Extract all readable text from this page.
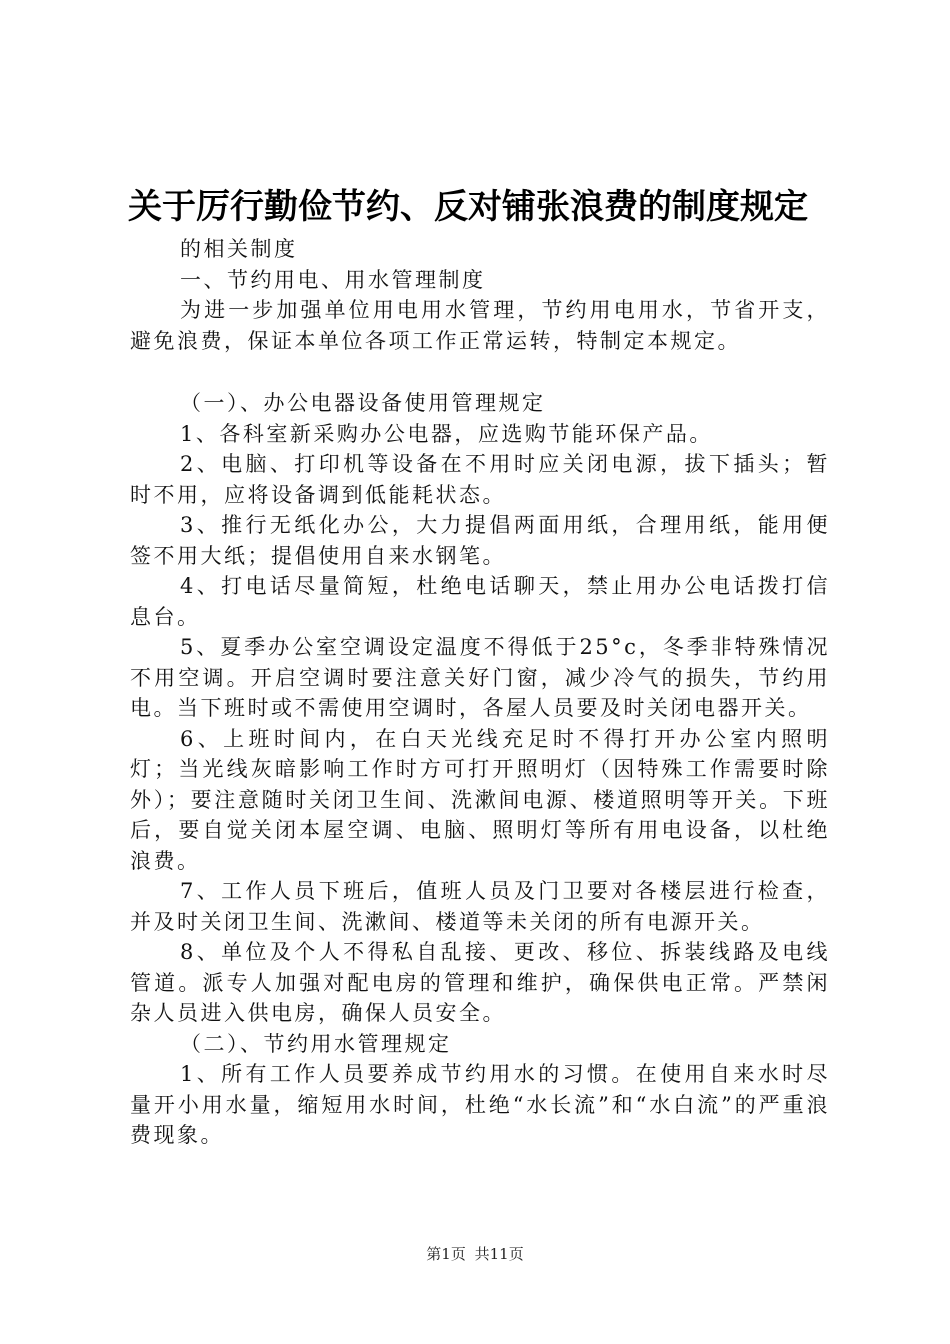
关于厉行勤俭节约、反对铺张浪费的制度规定

的相关制度

一、节约用电、用水管理制度

为进一步加强单位用电用水管理，节约用电用水，节省开支，避免浪费，保证本单位各项工作正常运转，特制定本规定。

（一）、办公电器设备使用管理规定

1、各科室新采购办公电器，应选购节能环保产品。

2、电脑、打印机等设备在不用时应关闭电源，拔下插头；暂时不用，应将设备调到低能耗状态。

3、推行无纸化办公，大力提倡两面用纸，合理用纸，能用便签不用大纸；提倡使用自来水钢笔。

4、打电话尽量简短，杜绝电话聊天，禁止用办公电话拨打信息台。

5、夏季办公室空调设定温度不得低于25°c，冬季非特殊情况不用空调。开启空调时要注意关好门窗，减少冷气的损失，节约用电。当下班时或不需使用空调时，各屋人员要及时关闭电器开关。

6、上班时间内，在白天光线充足时不得打开办公室内照明灯；当光线灰暗影响工作时方可打开照明灯（因特殊工作需要时除外）；要注意随时关闭卫生间、洗漱间电源、楼道照明等开关。下班后，要自觉关闭本屋空调、电脑、照明灯等所有用电设备，以杜绝浪费。

7、工作人员下班后，值班人员及门卫要对各楼层进行检查，并及时关闭卫生间、洗漱间、楼道等未关闭的所有电源开关。

8、单位及个人不得私自乱接、更改、移位、拆装线路及电线管道。派专人加强对配电房的管理和维护，确保供电正常。严禁闲杂人员进入供电房，确保人员安全。

（二）、节约用水管理规定

1、所有工作人员要养成节约用水的习惯。在使用自来水时尽量开小用水量，缩短用水时间，杜绝“水长流”和“水白流”的严重浪费现象。

第1页 共11页
